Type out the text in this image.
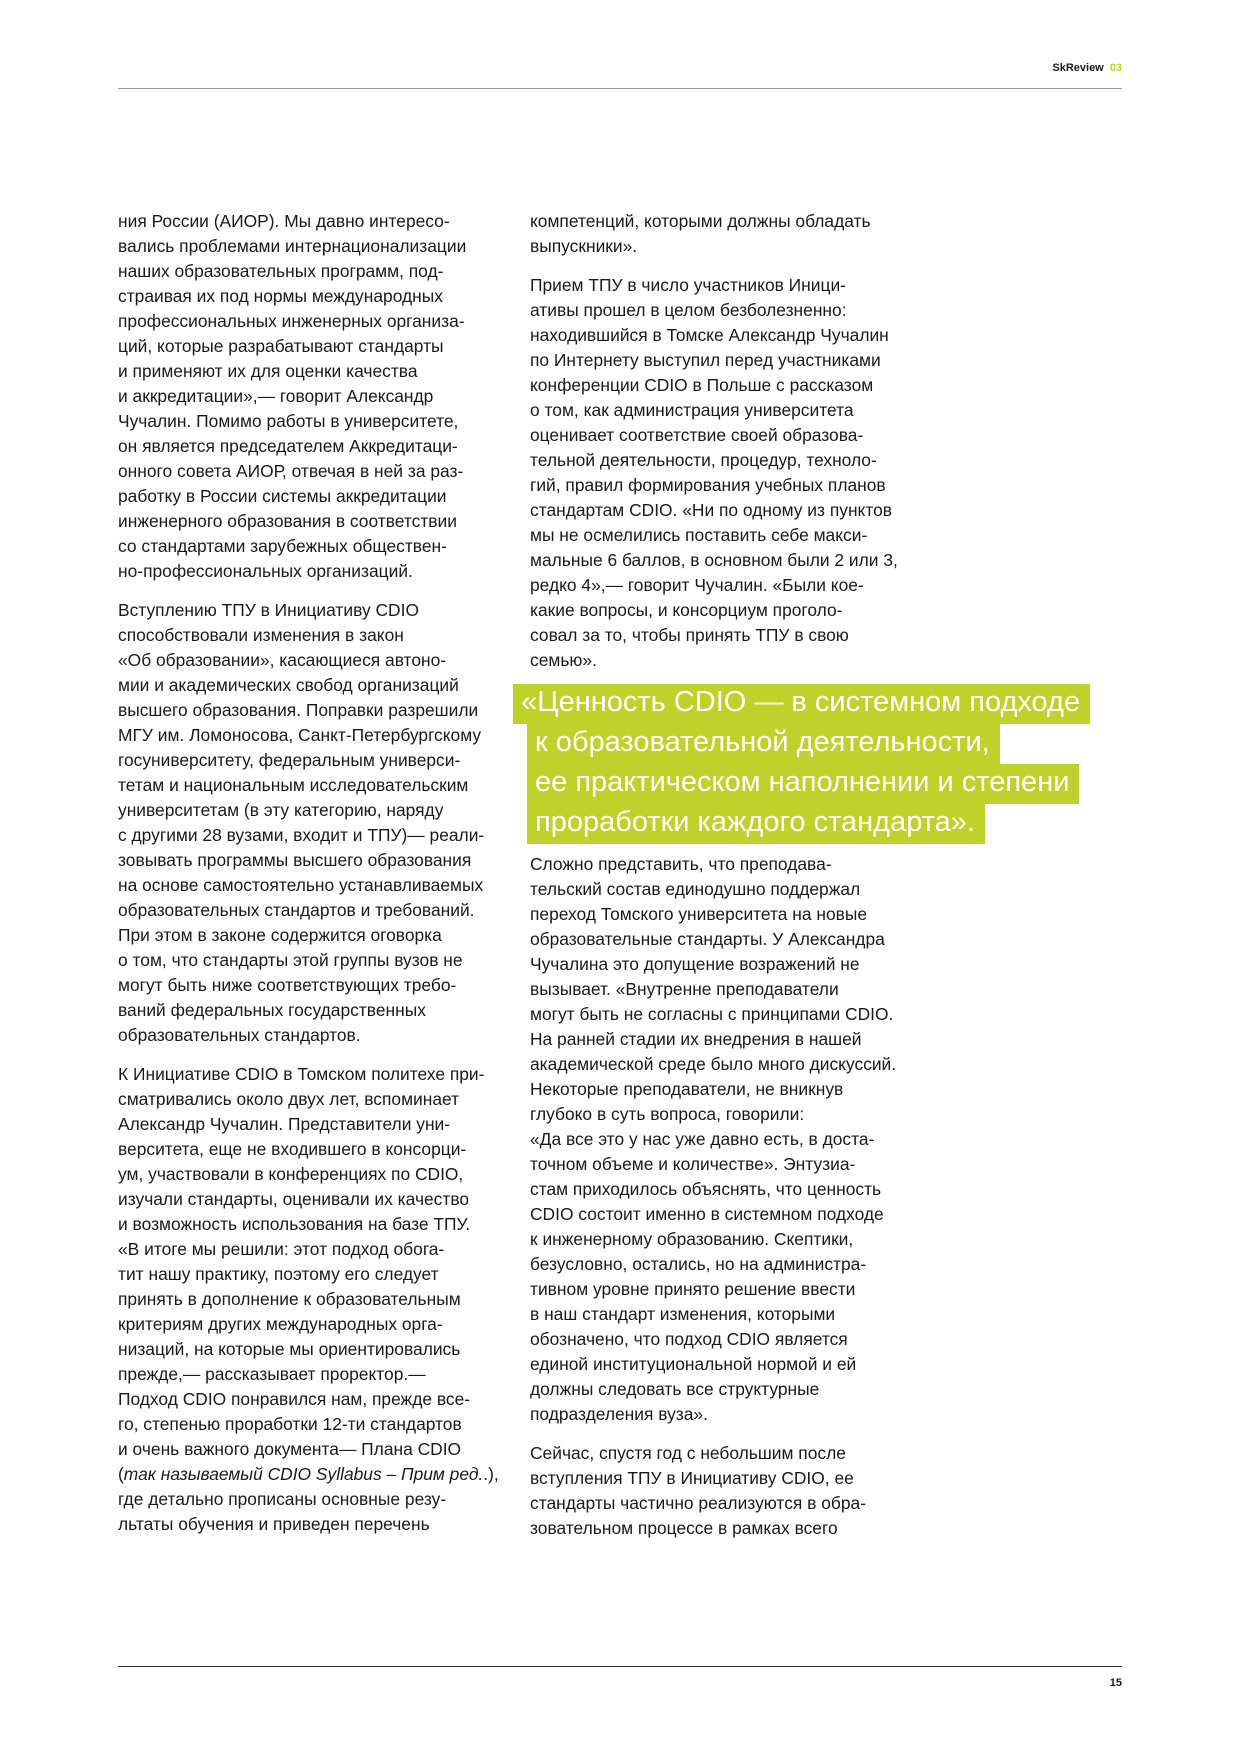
SkReview 03

ния России (АИОР). Мы давно интересо-
вались проблемами интернационализации
наших образовательных программ, под-
страивая их под нормы международных
профессиональных инженерных организа-
ций, которые разрабатывают стандарты
и применяют их для оценки качества
и аккредитации»,— говорит Александр
Чучалин. Помимо работы в университете,
он является председателем Аккредитаци-
онного совета АИОР, отвечая в ней за раз-
работку в России системы аккредитации
инженерного образования в соответствии
со стандартами зарубежных обществен-
но-профессиональных организаций.

Вступлению ТПУ в Инициативу CDIO
способствовали изменения в закон
«Об образовании», касающиеся автоно-
мии и академических свобод организаций
высшего образования. Поправки разрешили
МГУ им. Ломоносова, Санкт-Петербургскому
госуниверситету, федеральным универси-
тетам и национальным исследовательским
университетам (в эту категорию, наряду
с другими 28 вузами, входит и ТПУ)— реали-
зовывать программы высшего образования
на основе самостоятельно устанавливаемых
образовательных стандартов и требований.
При этом в законе содержится оговорка
о том, что стандарты этой группы вузов не
могут быть ниже соответствующих требо-
ваний федеральных государственных
образовательных стандартов.

К Инициативе CDIO в Томском политехе при-
сматривались около двух лет, вспоминает
Александр Чучалин. Представители уни-
верситета, еще не входившего в консорци-
ум, участвовали в конференциях по CDIO,
изучали стандарты, оценивали их качество
и возможность использования на базе ТПУ.
«В итоге мы решили: этот подход обога-
тит нашу практику, поэтому его следует
принять в дополнение к образовательным
критериям других международных орга-
низаций, на которые мы ориентировались
прежде,— рассказывает проректор.—
Подход CDIO понравился нам, прежде все-
го, степенью проработки 12-ти стандартов
и очень важного документа— Плана CDIO
(так называемый CDIO Syllabus – Прим ред..),
где детально прописаны основные резу-
льтаты обучения и приведен перечень

компетенций, которыми должны обладать
выпускники».

Прием ТПУ в число участников Иници-
ативы прошел в целом безболезненно:
находившийся в Томске Александр Чучалин
по Интернету выступил перед участниками
конференции CDIO в Польше с рассказом
о том, как администрация университета
оценивает соответствие своей образова-
тельной деятельности, процедур, техноло-
гий, правил формирования учебных планов
стандартам CDIO. «Ни по одному из пунктов
мы не осмелились поставить себе макси-
мальные 6 баллов, в основном были 2 или 3,
редко 4»,— говорит Чучалин. «Были кое-
какие вопросы, и консорциум проголо-
совал за то, чтобы принять ТПУ в свою
семью».

«Ценность CDIO — в системном подходе
к образовательной деятельности,
ее практическом наполнении и степени
проработки каждого стандарта».

Сложно представить, что преподава-
тельский состав единодушно поддержал
переход Томского университета на новые
образовательные стандарты. У Александра
Чучалина это допущение возражений не
вызывает. «Внутренне преподаватели
могут быть не согласны с принципами CDIO.
На ранней стадии их внедрения в нашей
академической среде было много дискуссий.
Некоторые преподаватели, не вникнув
глубоко в суть вопроса, говорили:
«Да все это у нас уже давно есть, в доста-
точном объеме и количестве». Энтузиа-
стам приходилось объяснять, что ценность
CDIO состоит именно в системном подходе
к инженерному образованию. Скептики,
безусловно, остались, но на администра-
тивном уровне принято решение ввести
в наш стандарт изменения, которыми
обозначено, что подход CDIO является
единой институциональной нормой и ей
должны следовать все структурные
подразделения вуза».

Сейчас, спустя год с небольшим после
вступления ТПУ в Инициативу CDIO, ее
стандарты частично реализуются в обра-
зовательном процессе в рамках всего

15
